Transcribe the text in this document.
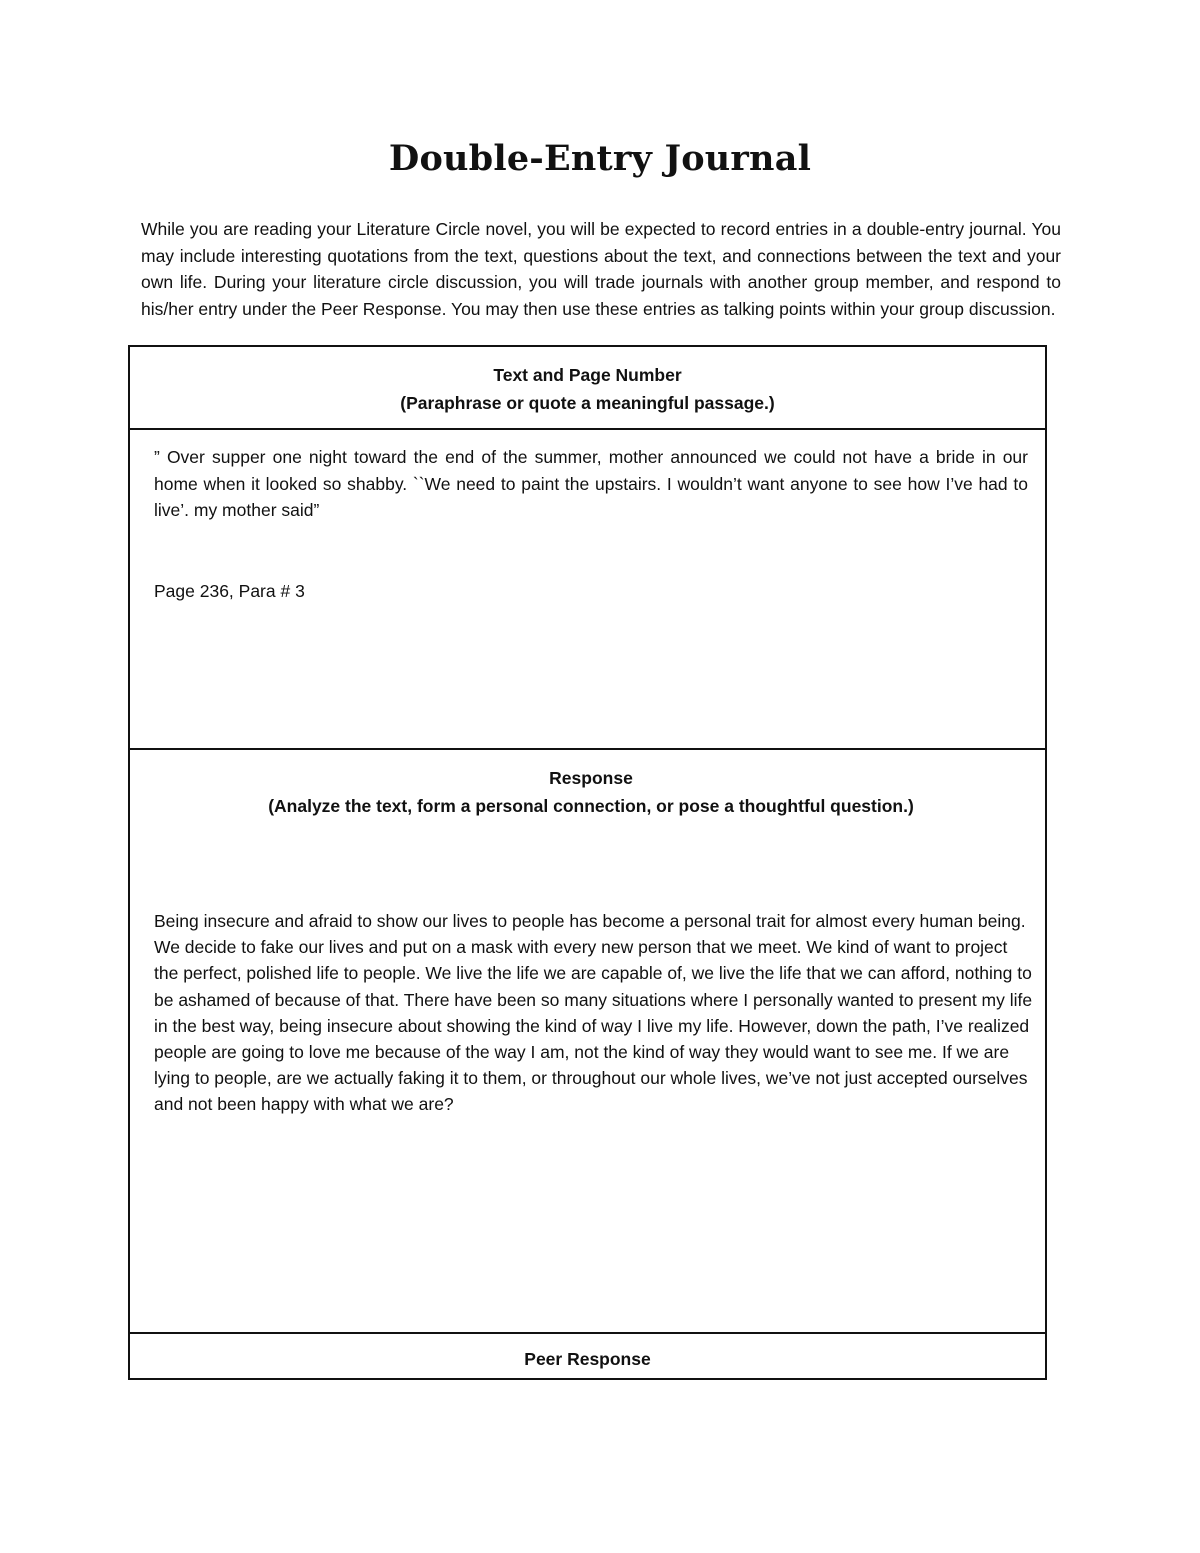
Double-Entry Journal

While you are reading your Literature Circle novel, you will be expected to record entries in a double-entry journal. You may include interesting quotations from the text, questions about the text, and connections between the text and your own life. During your literature circle discussion, you will trade journals with another group member, and respond to his/her entry under the Peer Response. You may then use these entries as talking points within your group discussion.

Text and Page Number
(Paraphrase or quote a meaningful passage.)

” Over supper one night toward the end of the summer, mother announced we could not have a bride in our home when it looked so shabby. ``We need to paint the upstairs. I wouldn’t want anyone to see how I’ve had to live’. my mother said”

Page 236, Para # 3

Response
(Analyze the text, form a personal connection, or pose a thoughtful question.)

Being insecure and afraid to show our lives to people has become a personal trait for almost every human being. We decide to fake our lives and put on a mask with every new person that we meet. We kind of want to project the perfect, polished life to people. We live the life we are capable of, we live the life that we can afford, nothing to be ashamed of because of that. There have been so many situations where I personally wanted to present my life in the best way, being insecure about showing the kind of way I live my life. However, down the path, I’ve realized people are going to love me because of the way I am, not the kind of way they would want to see me. If we are lying to people, are we actually faking it to them, or throughout our whole lives, we’ve not just accepted ourselves and not been happy with what we are?

Peer Response
